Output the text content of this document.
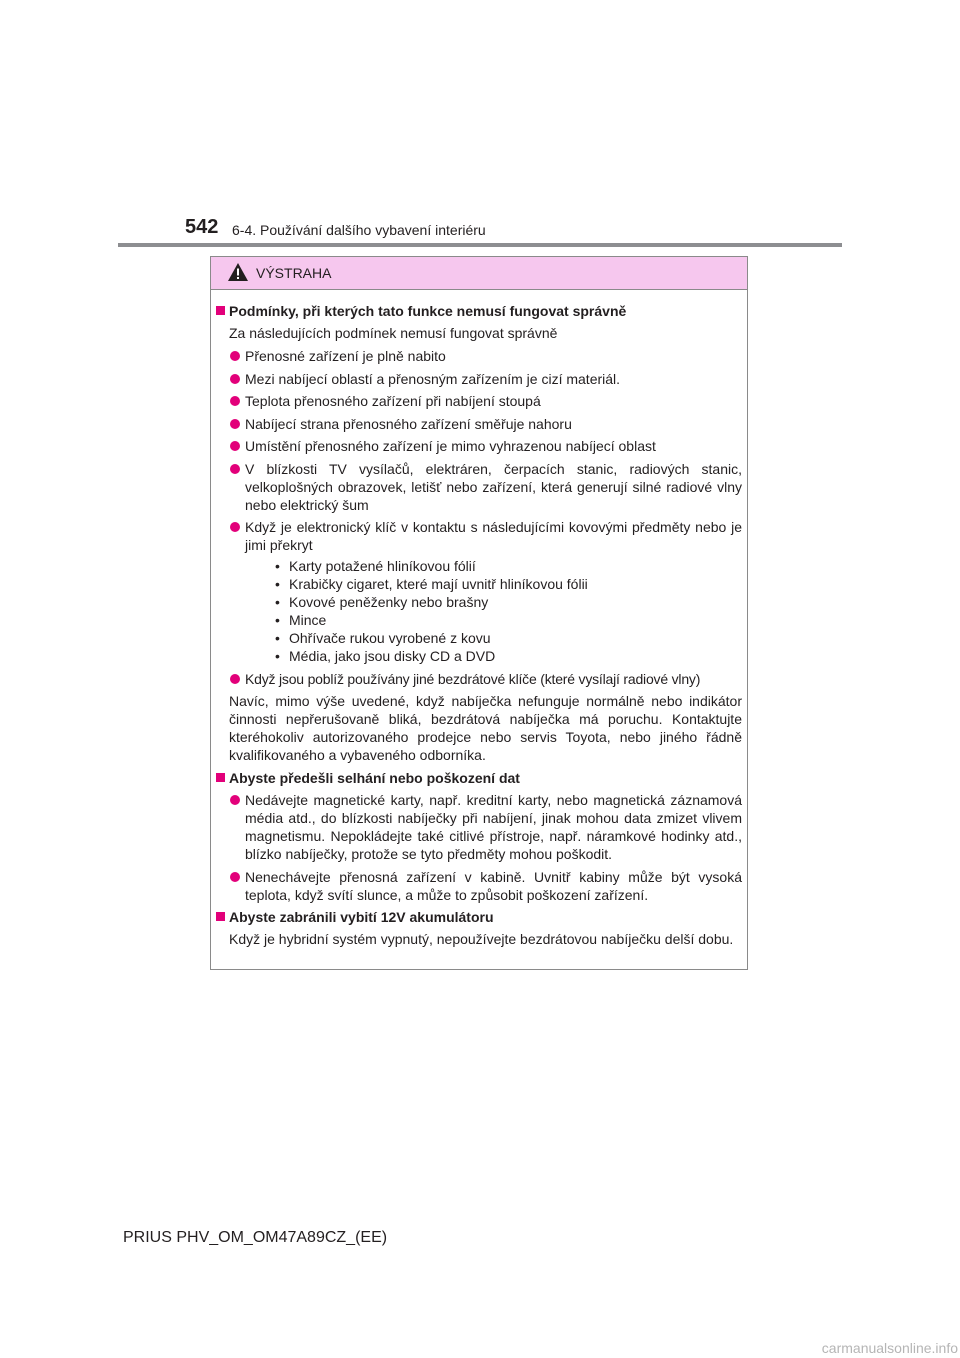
542 6-4. Používání dalšího vybavení interiéru
VÝSTRAHA
Podmínky, při kterých tato funkce nemusí fungovat správně
Za následujících podmínek nemusí fungovat správně
Přenosné zařízení je plně nabito
Mezi nabíjecí oblastí a přenosným zařízením je cizí materiál.
Teplota přenosného zařízení při nabíjení stoupá
Nabíjecí strana přenosného zařízení směřuje nahoru
Umístění přenosného zařízení je mimo vyhrazenou nabíjecí oblast
V blízkosti TV vysílačů, elektráren, čerpacích stanic, radiových stanic, velkoplošných obrazovek, letišť nebo zařízení, která generují silné radiové vlny nebo elektrický šum
Když je elektronický klíč v kontaktu s následujícími kovovými předměty nebo je jimi překryt
• Karty potažené hliníkovou fólií
• Krabičky cigaret, které mají uvnitř hliníkovou fólii
• Kovové peněženky nebo brašny
• Mince
• Ohřívače rukou vyrobené z kovu
• Média, jako jsou disky CD a DVD
Když jsou poblíž používány jiné bezdrátové klíče (které vysílají radiové vlny)
Navíc, mimo výše uvedené, když nabíječka nefunguje normálně nebo indikátor činnosti nepřerušovaně bliká, bezdrátová nabíječka má poruchu. Kontaktujte kteréhokoliv autorizovaného prodejce nebo servis Toyota, nebo jiného řádně kvalifikovaného a vybaveného odborníka.
Abyste předešli selhání nebo poškození dat
Nedávejte magnetické karty, např. kreditní karty, nebo magnetická záznamová média atd., do blízkosti nabíječky při nabíjení, jinak mohou data zmizet vlivem magnetismu. Nepokládejte také citlivé přístroje, např. náramkové hodinky atd., blízko nabíječky, protože se tyto předměty mohou poškodit.
Nenechávejte přenosná zařízení v kabině. Uvnitř kabiny může být vysoká teplota, když svítí slunce, a může to způsobit poškození zařízení.
Abyste zabránili vybití 12V akumulátoru
Když je hybridní systém vypnutý, nepoužívejte bezdrátovou nabíječku delší dobu.
PRIUS PHV_OM_OM47A89CZ_(EE)
carmanualsonline.info
